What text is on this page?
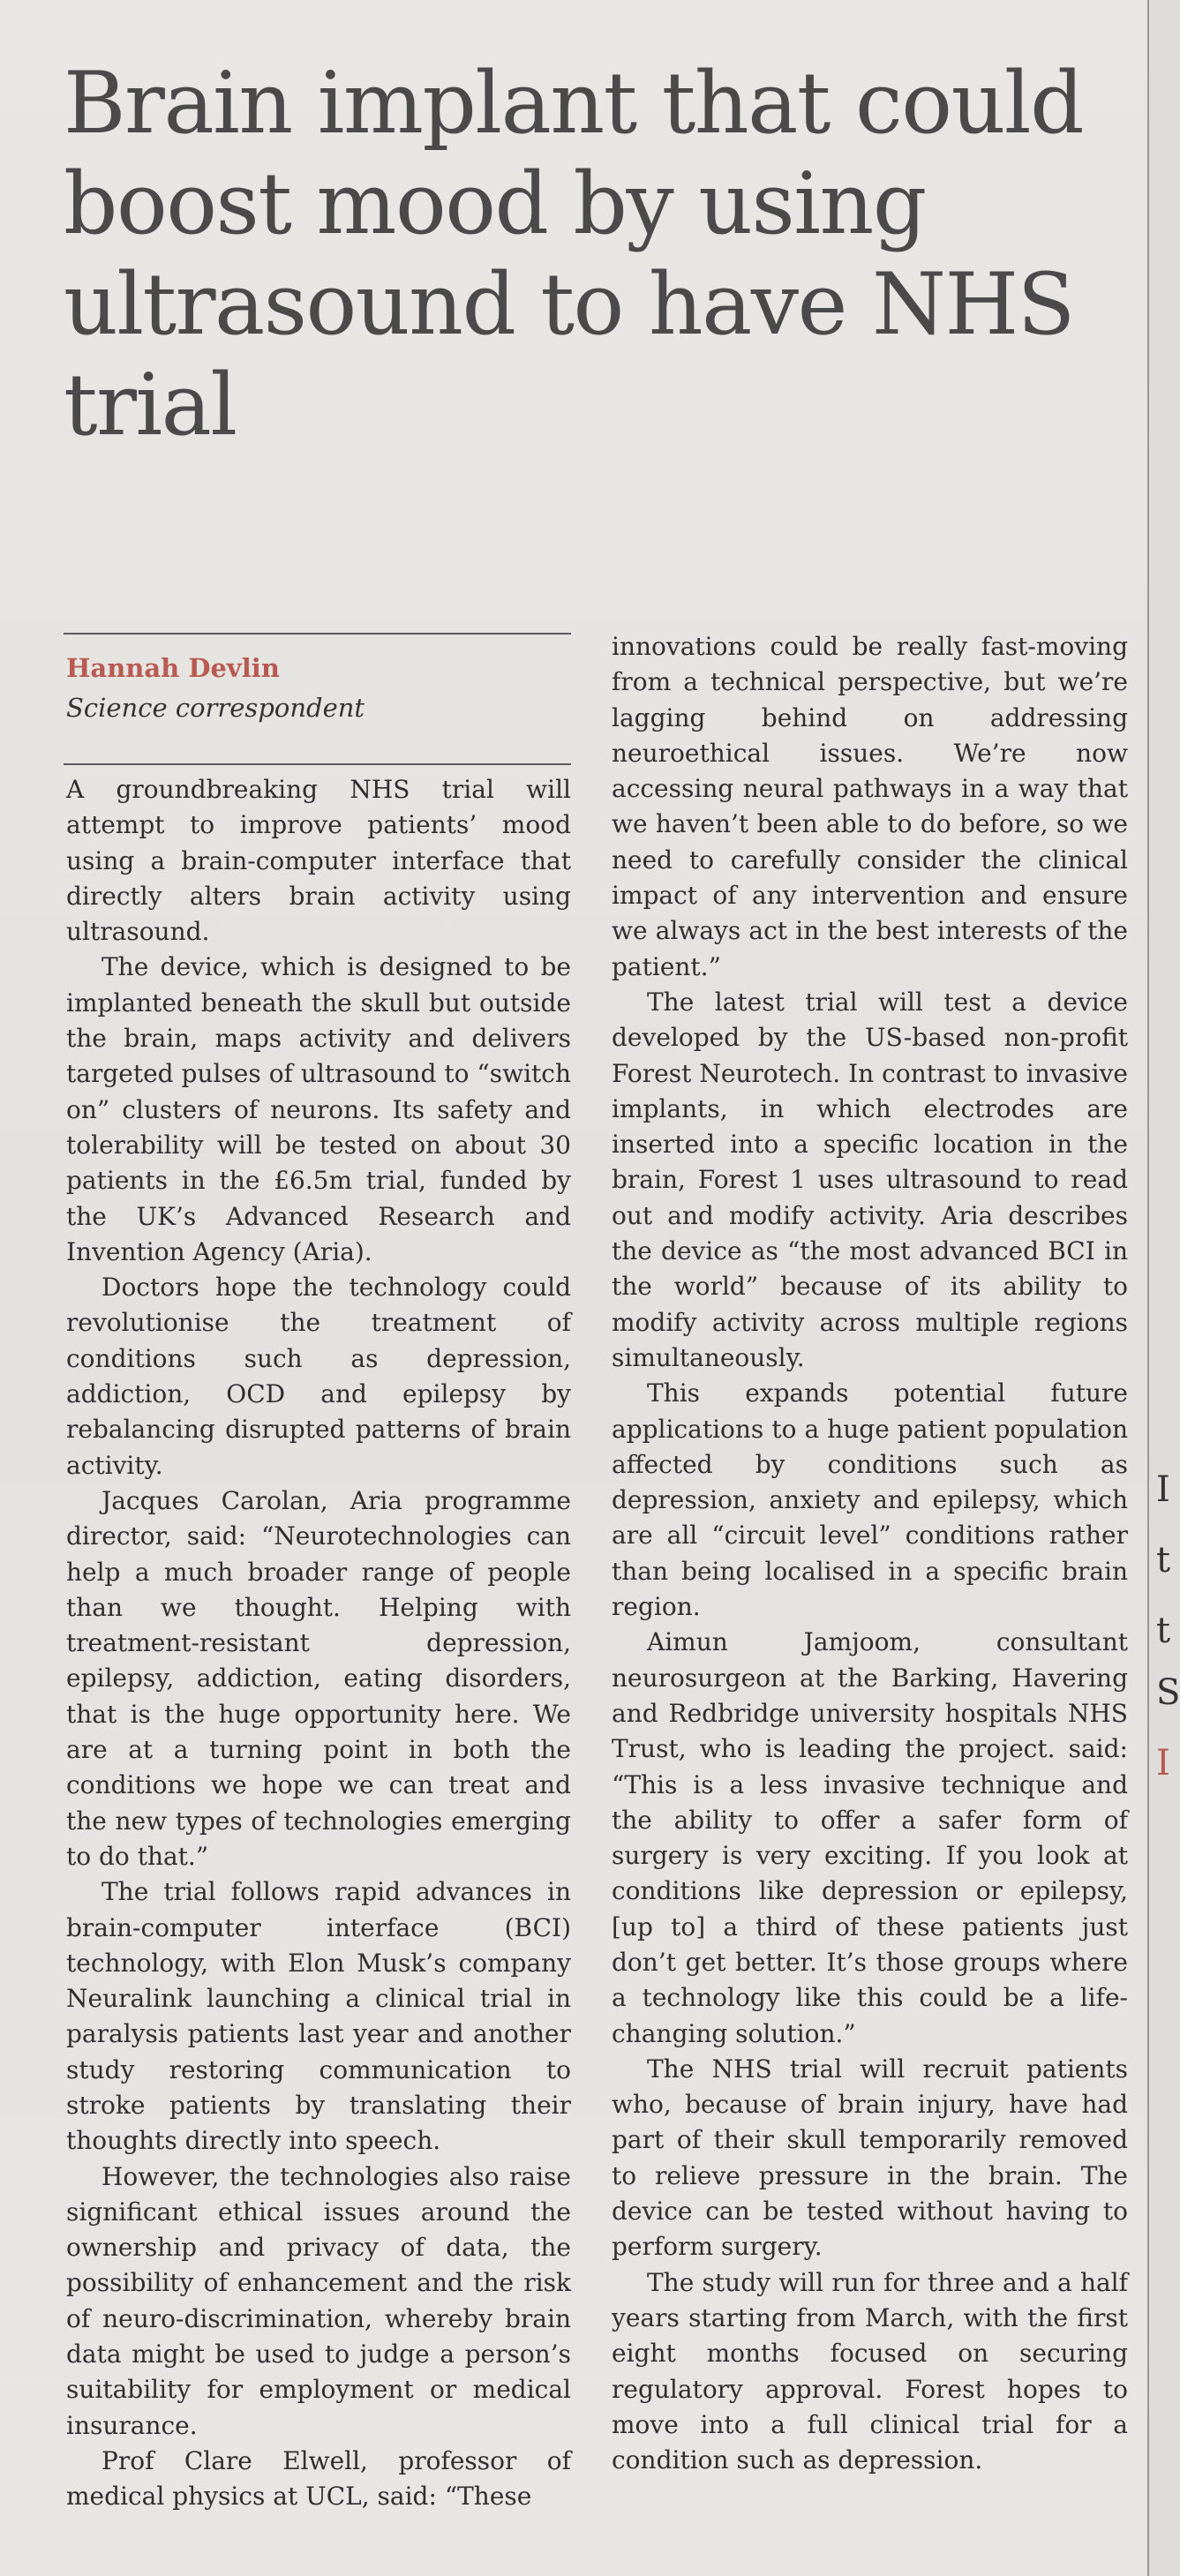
Brain implant that could boost mood by using ultrasound to have NHS trial
Hannah Devlin
Science correspondent

A groundbreaking NHS trial will attempt to improve patients’ mood using a brain-computer interface that directly alters brain activity using ultrasound.

The device, which is designed to be implanted beneath the skull but outside the brain, maps activity and delivers targeted pulses of ultrasound to “switch on” clusters of neurons. Its safety and tolerability will be tested on about 30 patients in the £6.5m trial, funded by the UK’s Advanced Research and Invention Agency (Aria).

Doctors hope the technology could revolutionise the treatment of conditions such as depression, addiction, OCD and epilepsy by rebalancing disrupted patterns of brain activity.

Jacques Carolan, Aria programme director, said: “Neurotechnologies can help a much broader range of people than we thought. Helping with treatment-resistant depression, epilepsy, addiction, eating disorders, that is the huge opportunity here. We are at a turning point in both the conditions we hope we can treat and the new types of technologies emerging to do that.”

The trial follows rapid advances in brain-computer interface (BCI) technology, with Elon Musk’s company Neuralink launching a clinical trial in paralysis patients last year and another study restoring communication to stroke patients by translating their thoughts directly into speech.

However, the technologies also raise significant ethical issues around the ownership and privacy of data, the possibility of enhancement and the risk of neuro-discrimination, whereby brain data might be used to judge a person’s suitability for employment or medical insurance.

Prof Clare Elwell, professor of medical physics at UCL, said: “These

innovations could be really fast-moving from a technical perspective, but we’re lagging behind on addressing neuroethical issues. We’re now accessing neural pathways in a way that we haven’t been able to do before, so we need to carefully consider the clinical impact of any intervention and ensure we always act in the best interests of the patient.”

The latest trial will test a device developed by the US-based non-profit Forest Neurotech. In contrast to invasive implants, in which electrodes are inserted into a specific location in the brain, Forest 1 uses ultrasound to read out and modify activity. Aria describes the device as “the most advanced BCI in the world” because of its ability to modify activity across multiple regions simultaneously.

This expands potential future applications to a huge patient population affected by conditions such as depression, anxiety and epilepsy, which are all “circuit level” conditions rather than being localised in a specific brain region.

Aimun Jamjoom, consultant neurosurgeon at the Barking, Havering and Redbridge university hospitals NHS Trust, who is leading the project. said: “This is a less invasive technique and the ability to offer a safer form of surgery is very exciting. If you look at conditions like depression or epilepsy, [up to] a third of these patients just don’t get better. It’s those groups where a technology like this could be a life-changing solution.”

The NHS trial will recruit patients who, because of brain injury, have had part of their skull temporarily removed to relieve pressure in the brain. The device can be tested without having to perform surgery.

The study will run for three and a half years starting from March, with the first eight months focused on securing regulatory approval. Forest hopes to move into a full clinical trial for a condition such as depression.

I
t
t
S
I
